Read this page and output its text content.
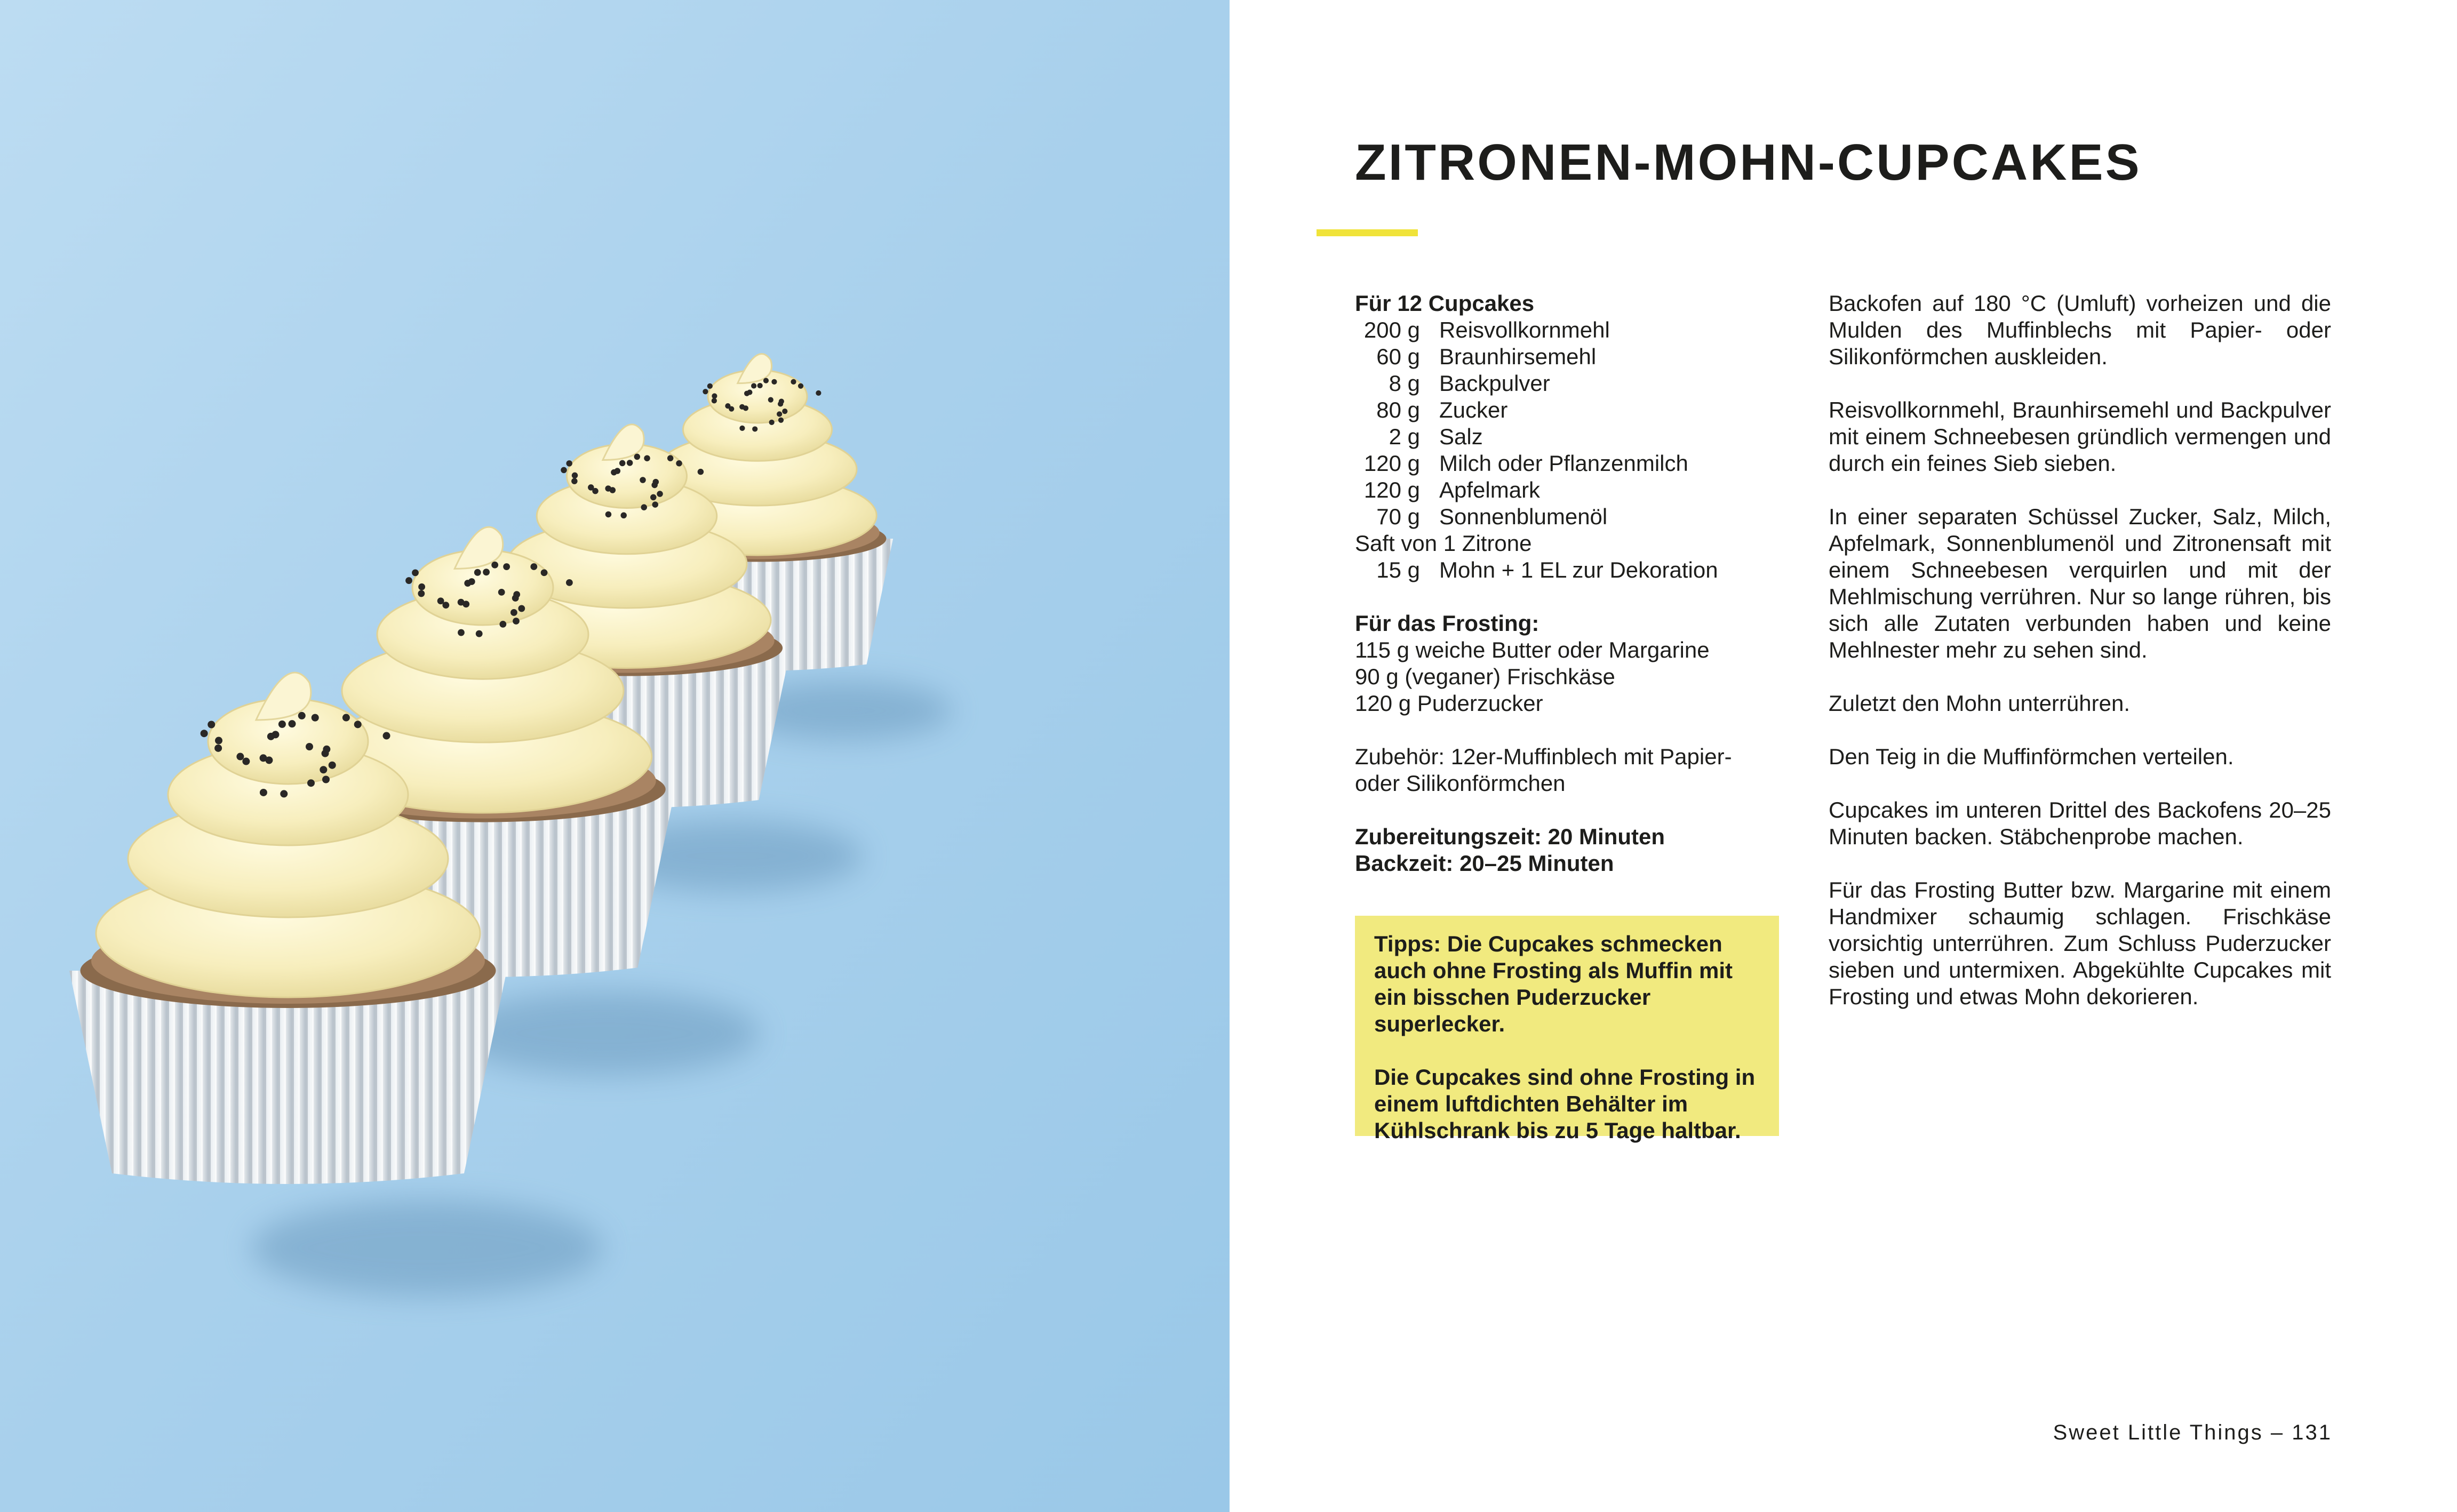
ZITRONEN-MOHN-CUPCAKES
Für 12 Cupcakes
200 g Reisvollkornmehl
60 g Braunhirsemehl
8 g Backpulver
80 g Zucker
2 g Salz
120 g Milch oder Pflanzenmilch
120 g Apfelmark
70 g Sonnenblumenöl
Saft von 1 Zitrone
15 g Mohn + 1 EL zur Dekoration
Für das Frosting:
115 g weiche Butter oder Margarine
90 g (veganer) Frischkäse
120 g Puderzucker
Zubehör: 12er-Muffinblech mit Papier-
oder Silikonförmchen
Zubereitungszeit: 20 Minuten
Backzeit: 20–25 Minuten

Tipps: Die Cupcakes schmecken auch ohne Frosting als Muffin mit ein bisschen Puderzucker superlecker.

Die Cupcakes sind ohne Frosting in einem luftdichten Behälter im Kühlschrank bis zu 5 Tage haltbar.

Backofen auf 180 °C (Umluft) vorheizen und die Mulden des Muffinblechs mit Papier- oder Silikonförmchen auskleiden.

Reisvollkornmehl, Braunhirsemehl und Backpulver mit einem Schneebesen gründlich vermengen und durch ein feines Sieb sieben.

In einer separaten Schüssel Zucker, Salz, Milch, Apfelmark, Sonnenblumenöl und Zitronensaft mit einem Schneebesen verquirlen und mit der Mehlmischung verrühren. Nur so lange rühren, bis sich alle Zutaten verbunden haben und keine Mehlnester mehr zu sehen sind.

Zuletzt den Mohn unterrühren.

Den Teig in die Muffinförmchen verteilen.

Cupcakes im unteren Drittel des Backofens 20–25 Minuten backen. Stäbchenprobe machen.

Für das Frosting Butter bzw. Margarine mit einem Handmixer schaumig schlagen. Frischkäse vorsichtig unterrühren. Zum Schluss Puderzucker sieben und untermixen. Abgekühlte Cupcakes mit Frosting und etwas Mohn dekorieren.

Sweet Little Things – 131
